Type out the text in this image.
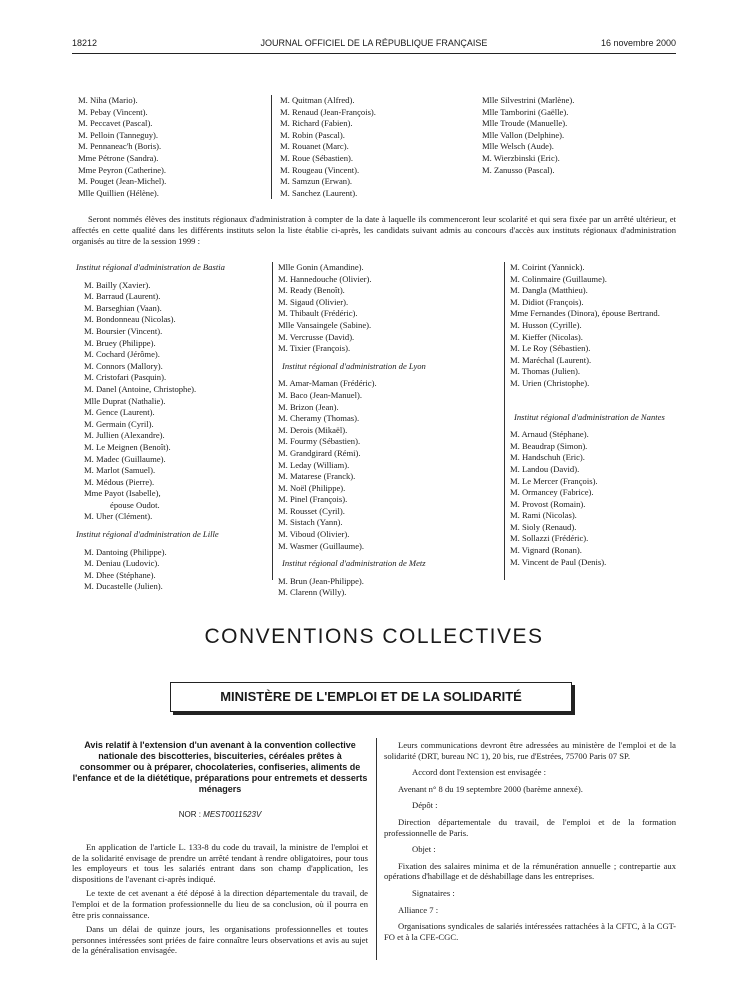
18212	JOURNAL OFFICIEL DE LA RÉPUBLIQUE FRANÇAISE	16 novembre 2000
M. Niha (Mario).
M. Pebay (Vincent).
M. Peccavet (Pascal).
M. Pelloin (Tanneguy).
M. Pennaneac'h (Boris).
Mme Pétrone (Sandra).
Mme Peyron (Catherine).
M. Pouget (Jean-Michel).
Mlle Quillien (Hélène).
M. Quitman (Alfred).
M. Renaud (Jean-François).
M. Richard (Fabien).
M. Robin (Pascal).
M. Rouanet (Marc).
M. Roue (Sébastien).
M. Rougeau (Vincent).
M. Samzun (Erwan).
M. Sanchez (Laurent).
Mlle Silvestrini (Marlène).
Mlle Tamborini (Gaëlle).
Mlle Troude (Manuelle).
Mlle Vallon (Delphine).
Mlle Welsch (Aude).
M. Wierzbinski (Eric).
M. Zanusso (Pascal).
Seront nommés élèves des instituts régionaux d'administration à compter de la date à laquelle ils commenceront leur scolarité et qui sera fixée par un arrêté ultérieur, et affectés en cette qualité dans les différents instituts selon la liste établie ci-après, les candidats suivant admis au concours d'accès aux instituts régionaux d'administration organisés au titre de la session 1999 :
Institut régional d'administration de Bastia
M. Bailly (Xavier).
M. Barraud (Laurent).
M. Barseghian (Vaan).
M. Bondonneau (Nicolas).
M. Boursier (Vincent).
M. Bruey (Philippe).
M. Cochard (Jérôme).
M. Connors (Mallory).
M. Cristofari (Pasquin).
M. Danel (Antoine, Christophe).
Mlle Duprat (Nathalie).
M. Gence (Laurent).
M. Germain (Cyril).
M. Jullien (Alexandre).
M. Le Meignen (Benoît).
M. Madec (Guillaume).
M. Marlot (Samuel).
M. Médous (Pierre).
Mme Payot (Isabelle),
épouse Oudot.
M. Uher (Clément).
Institut régional d'administration de Lille
M. Dantoing (Philippe).
M. Deniau (Ludovic).
M. Dhee (Stéphane).
M. Ducastelle (Julien).
Mlle Gonin (Amandine).
M. Hannedouche (Olivier).
M. Ready (Benoît).
M. Sigaud (Olivier).
M. Thibault (Frédéric).
Mlle Vansaingele (Sabine).
M. Vercrusse (David).
M. Tixier (François).
Institut régional d'administration de Lyon
M. Amar-Maman (Frédéric).
M. Baco (Jean-Manuel).
M. Brizon (Jean).
M. Cheramy (Thomas).
M. Derois (Mikaël).
M. Fourmy (Sébastien).
M. Grandgirard (Rémi).
M. Leday (William).
M. Matarese (Franck).
M. Noël (Philippe).
M. Pinel (François).
M. Rousset (Cyril).
M. Sistach (Yann).
M. Viboud (Olivier).
M. Wasmer (Guillaume).
Institut régional d'administration de Metz
M. Brun (Jean-Philippe).
M. Clarenn (Willy).
M. Coirint (Yannick).
M. Colinmaire (Guillaume).
M. Dangla (Matthieu).
M. Didiot (François).
Mme Fernandes (Dinora), épouse Bertrand.
M. Husson (Cyrille).
M. Kieffer (Nicolas).
M. Le Roy (Sébastien).
M. Maréchal (Laurent).
M. Thomas (Julien).
M. Urien (Christophe).
Institut régional d'administration de Nantes
M. Arnaud (Stéphane).
M. Beaudrap (Simon).
M. Handschuh (Eric).
M. Landou (David).
M. Le Mercer (François).
M. Ormancey (Fabrice).
M. Provost (Romain).
M. Rami (Nicolas).
M. Sioly (Renaud).
M. Sollazzi (Frédéric).
M. Vignard (Ronan).
M. Vincent de Paul (Denis).
CONVENTIONS COLLECTIVES
MINISTÈRE DE L'EMPLOI ET DE LA SOLIDARITÉ
Avis relatif à l'extension d'un avenant à la convention collective nationale des biscotteries, biscuiteries, céréales prêtes à consommer ou à préparer, chocolateries, confiseries, aliments de l'enfance et de la diététique, préparations pour entremets et desserts ménagers
NOR : MEST0011523V

En application de l'article L. 133-8 du code du travail, la ministre de l'emploi et de la solidarité envisage de prendre un arrêté tendant à rendre obligatoires, pour tous les employeurs et tous les salariés entrant dans son champ d'application, les dispositions de l'avenant ci-après indiqué.

Le texte de cet avenant a été déposé à la direction départementale du travail, de l'emploi et de la formation professionnelle du lieu de sa conclusion, où il pourra en être pris connaissance.

Dans un délai de quinze jours, les organisations professionnelles et toutes personnes intéressées sont priées de faire connaître leurs observations et avis au sujet de la généralisation envisagée.

Leurs communications devront être adressées au ministère de l'emploi et de la solidarité (DRT, bureau NC 1), 20 bis, rue d'Estrées, 75700 Paris 07 SP.

Accord dont l'extension est envisagée :

Avenant n° 8 du 19 septembre 2000 (barème annexé).

Dépôt :

Direction départementale du travail, de l'emploi et de la formation professionnelle de Paris.

Objet :

Fixation des salaires minima et de la rémunération annuelle ; contrepartie aux opérations d'habillage et de déshabillage dans les entreprises.

Signataires :

Alliance 7 :

Organisations syndicales de salariés intéressées rattachées à la CFTC, à la CGT-FO et à la CFE-CGC.
